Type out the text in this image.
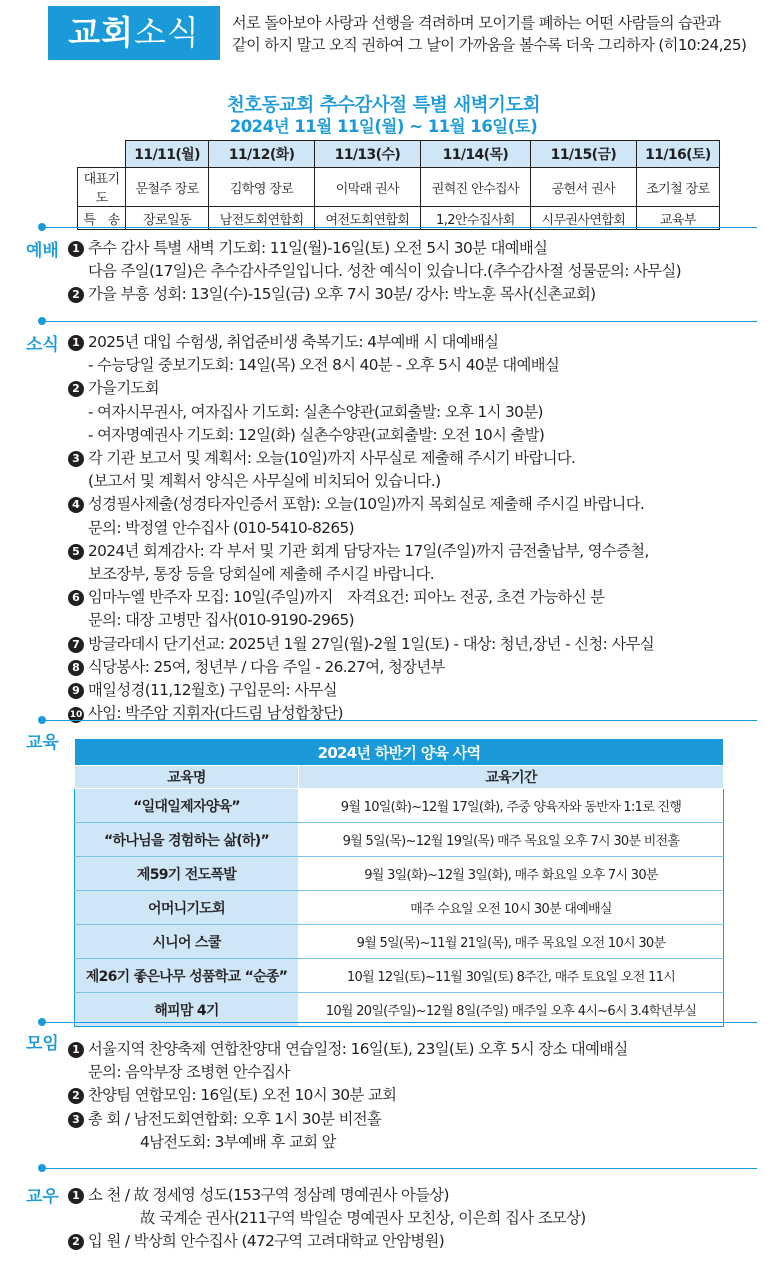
교회소식	서로 돌아보아 사랑과 선행을 격려하며 모이기를 폐하는 어떤 사람들의 습관과
같이 하지 말고 오직 권하여 그 날이 가까움을 볼수록 더욱 그리하자 (히10:24,25)
천호동교회 추수감사절 특별 새벽기도회
2024년 11월 11일(월) ~ 11월 16일(토)
	11/11(월)	11/12(화)	11/13(수)	11/14(목)	11/15(금)	11/16(토)
대표기도	문철주 장로	김학영 장로	이막래 권사	권혁진 안수집사	공현서 권사	조기철 장로
특　송	장로일동	남전도회연합회	여전도회연합회	1,2안수집사회	시무권사연합회	교육부
예배	1 추수 감사 특별 새벽 기도회: 11일(월)-16일(토) 오전 5시 30분 대예배실
다음 주일(17일)은 추수감사주일입니다. 성찬 예식이 있습니다.(추수감사절 성물문의: 사무실)
2 가을 부흥 성회: 13일(수)-15일(금) 오후 7시 30분/ 강사: 박노훈 목사(신촌교회)
소식	1 2025년 대입 수험생, 취업준비생 축복기도: 4부예배 시 대예배실
- 수능당일 중보기도회: 14일(목) 오전 8시 40분 - 오후 5시 40분 대예배실
2 가을기도회
- 여자시무권사, 여자집사 기도회: 실촌수양관(교회출발: 오후 1시 30분)
- 여자명예권사 기도회: 12일(화) 실촌수양관(교회출발: 오전 10시 출발)
3 각 기관 보고서 및 계획서: 오늘(10일)까지 사무실로 제출해 주시기 바랍니다.
(보고서 및 계획서 양식은 사무실에 비치되어 있습니다.)
4 성경필사제출(성경타자인증서 포함): 오늘(10일)까지 목회실로 제출해 주시길 바랍니다.
문의: 박정열 안수집사 (010-5410-8265)
5 2024년 회계감사: 각 부서 및 기관 회계 담당자는 17일(주일)까지 금전출납부, 영수증철,
보조장부, 통장 등을 당회실에 제출해 주시길 바랍니다.
6 임마누엘 반주자 모집: 10일(주일)까지　자격요건: 피아노 전공, 초견 가능하신 분
문의: 대장 고병만 집사(010-9190-2965)
7 방글라데시 단기선교: 2025년 1월 27일(월)-2월 1일(토) - 대상: 청년,장년 - 신청: 사무실
8 식당봉사: 25여, 청년부 / 다음 주일 - 26.27여, 청장년부
9 매일성경(11,12월호) 구입문의: 사무실
10 사임: 박주암 지휘자(다드림 남성합창단)
교육	2024년 하반기 양육 사역	
교육명	교육기간
“일대일제자양육”	9월 10일(화)~12월 17일(화), 주중 양육자와 동반자 1:1로 진행
“하나님을 경험하는 삶(하)”	9월 5일(목)~12월 19일(목) 매주 목요일 오후 7시 30분 비전홀
제59기 전도폭발	9월 3일(화)~12월 3일(화), 매주 화요일 오후 7시 30분
어머니기도회	매주 수요일 오전 10시 30분 대예배실
시니어 스쿨	9월 5일(목)~11월 21일(목), 매주 목요일 오전 10시 30분
제26기 좋은나무 성품학교 “순종”	10월 12일(토)~11월 30일(토) 8주간, 매주 토요일 오전 11시
해피맘 4기	10월 20일(주일)~12월 8일(주일) 매주일 오후 4시~6시 3.4학년부실
모임	1 서울지역 찬양축제 연합찬양대 연습일정: 16일(토), 23일(토) 오후 5시 장소 대예배실
문의: 음악부장 조병현 안수집사
2 찬양팀 연합모임: 16일(토) 오전 10시 30분 교회
3 총 회 / 남전도회연합회: 오후 1시 30분 비전홀
4남전도회: 3부예배 후 교회 앞
교우	1 소 천 / 故 정세영 성도(153구역 정삼례 명예권사 아들상)
故 국계순 권사(211구역 박일순 명예권사 모친상, 이은희 집사 조모상)
2 입 원 / 박상희 안수집사 (472구역 고려대학교 안암병원)
